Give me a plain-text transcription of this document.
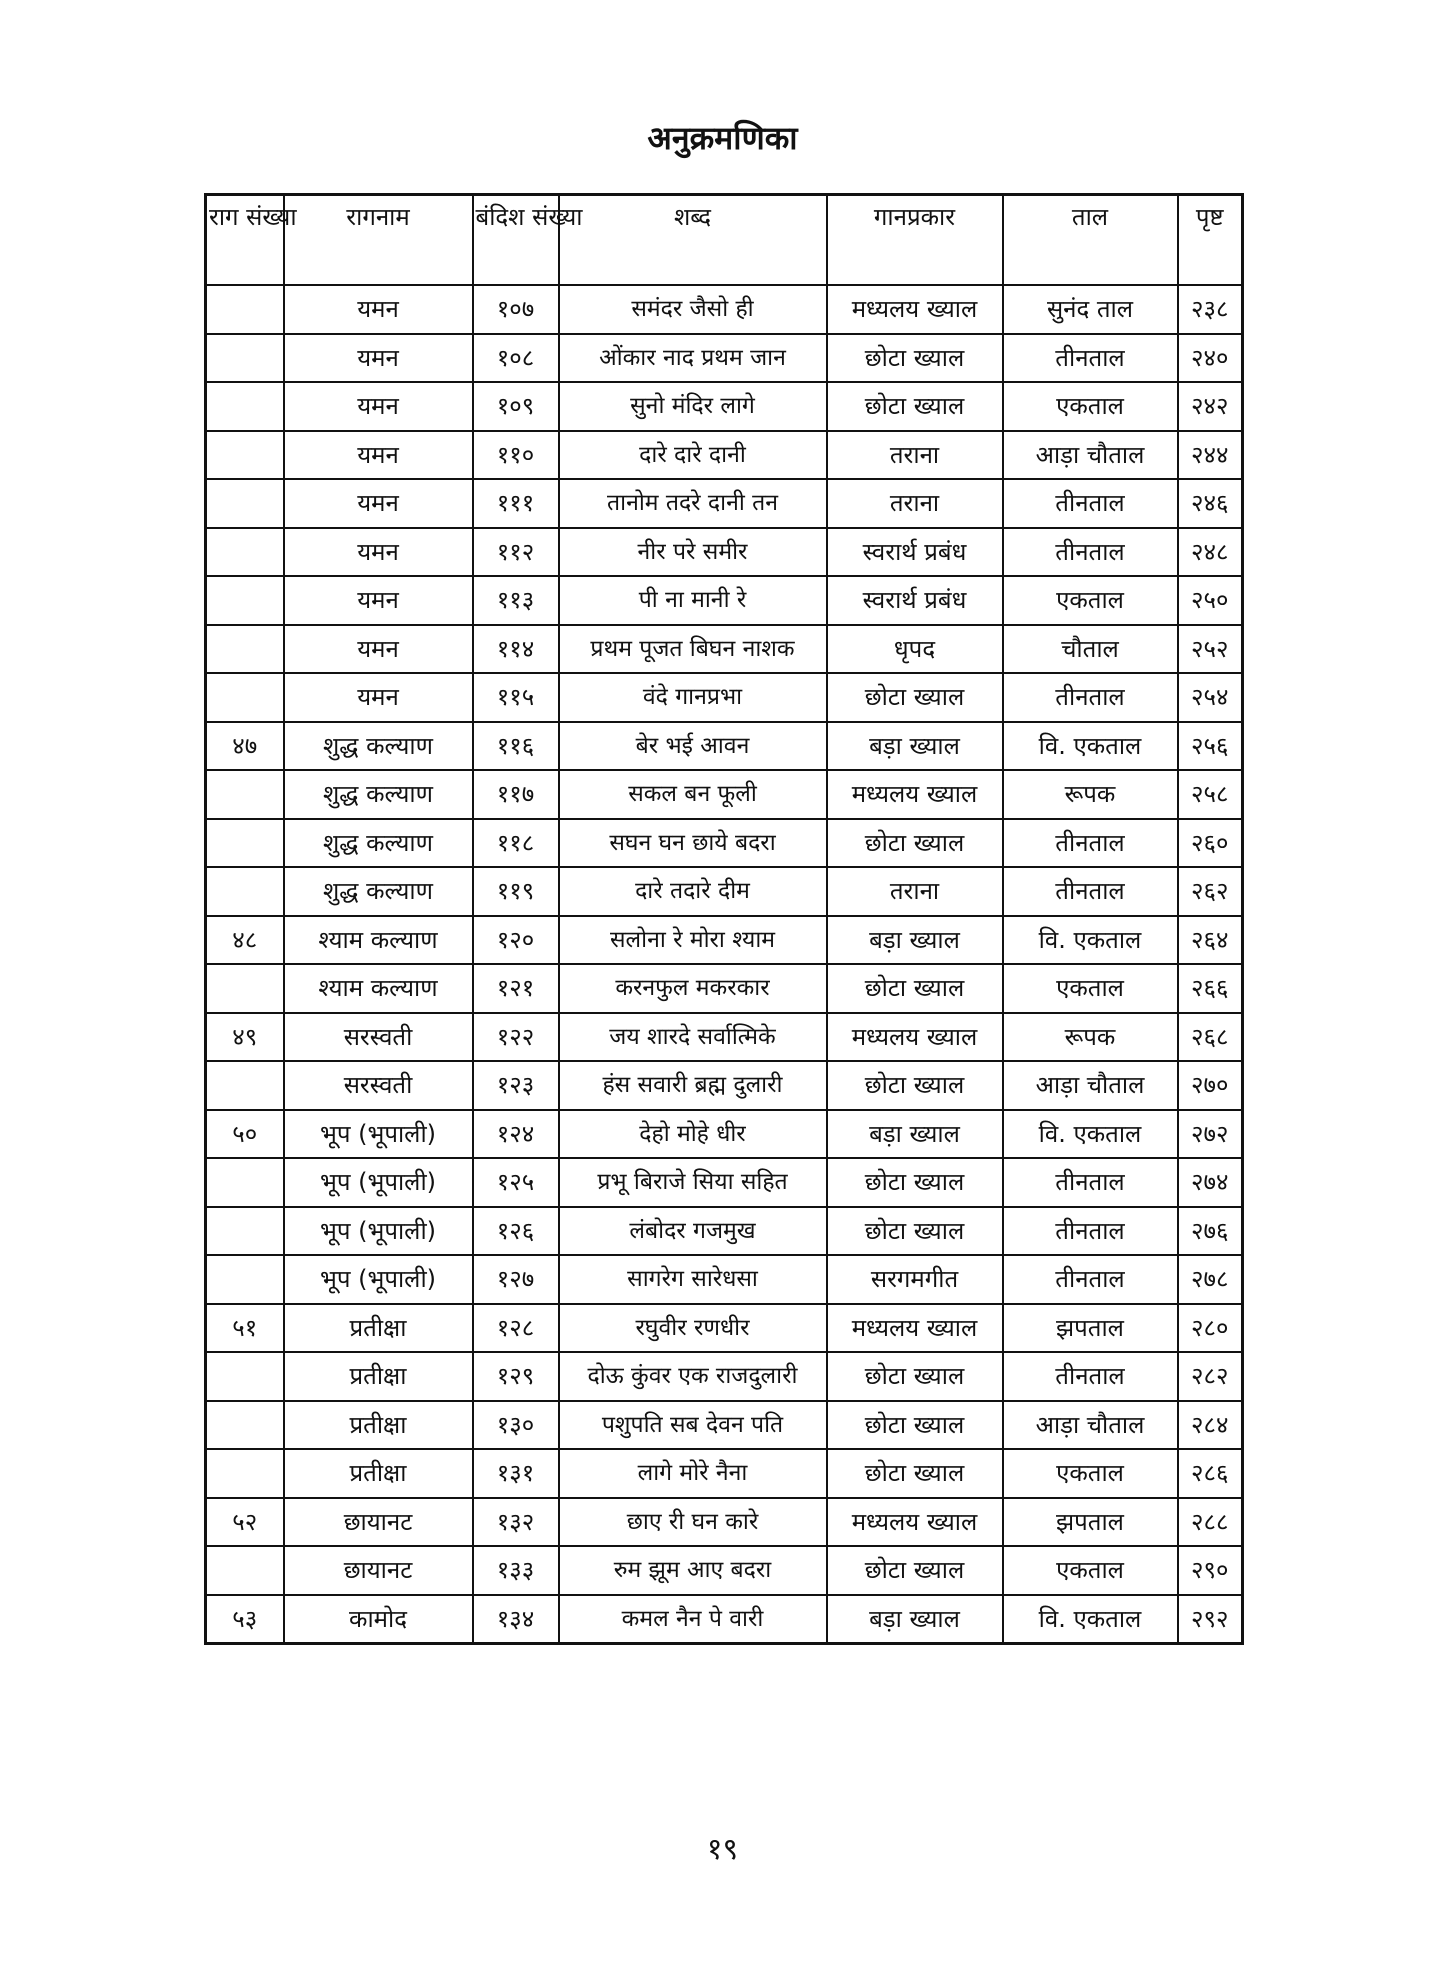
अनुक्रमणिका
राग संख्या	रागनाम	बंदिश संख्या	शब्द	गानप्रकार	ताल	पृष्ट
	यमन	१०७	समंदर जैसो ही	मध्यलय ख्याल	सुनंद ताल	२३८
	यमन	१०८	ओंकार नाद प्रथम जान	छोटा ख्याल	तीनताल	२४०
	यमन	१०९	सुनो मंदिर लागे	छोटा ख्याल	एकताल	२४२
	यमन	११०	दारे दारे दानी	तराना	आड़ा चौताल	२४४
	यमन	१११	तानोम तदरे दानी तन	तराना	तीनताल	२४६
	यमन	११२	नीर परे समीर	स्वरार्थ प्रबंध	तीनताल	२४८
	यमन	११३	पी ना मानी रे	स्वरार्थ प्रबंध	एकताल	२५०
	यमन	११४	प्रथम पूजत बिघन नाशक	धृपद	चौताल	२५२
	यमन	११५	वंदे गानप्रभा	छोटा ख्याल	तीनताल	२५४
४७	शुद्ध कल्याण	११६	बेर भई आवन	बड़ा ख्याल	वि. एकताल	२५६
	शुद्ध कल्याण	११७	सकल बन फूली	मध्यलय ख्याल	रूपक	२५८
	शुद्ध कल्याण	११८	सघन घन छाये बदरा	छोटा ख्याल	तीनताल	२६०
	शुद्ध कल्याण	११९	दारे तदारे दीम	तराना	तीनताल	२६२
४८	श्याम कल्याण	१२०	सलोना रे मोरा श्याम	बड़ा ख्याल	वि. एकताल	२६४
	श्याम कल्याण	१२१	करनफुल मकरकार	छोटा ख्याल	एकताल	२६६
४९	सरस्वती	१२२	जय शारदे सर्वात्मिके	मध्यलय ख्याल	रूपक	२६८
	सरस्वती	१२३	हंस सवारी ब्रह्म दुलारी	छोटा ख्याल	आड़ा चौताल	२७०
५०	भूप (भूपाली)	१२४	देहो मोहे धीर	बड़ा ख्याल	वि. एकताल	२७२
	भूप (भूपाली)	१२५	प्रभू बिराजे सिया सहित	छोटा ख्याल	तीनताल	२७४
	भूप (भूपाली)	१२६	लंबोदर गजमुख	छोटा ख्याल	तीनताल	२७६
	भूप (भूपाली)	१२७	सागरेग सारेधसा	सरगमगीत	तीनताल	२७८
५१	प्रतीक्षा	१२८	रघुवीर रणधीर	मध्यलय ख्याल	झपताल	२८०
	प्रतीक्षा	१२९	दोऊ कुंवर एक राजदुलारी	छोटा ख्याल	तीनताल	२८२
	प्रतीक्षा	१३०	पशुपति सब देवन पति	छोटा ख्याल	आड़ा चौताल	२८४
	प्रतीक्षा	१३१	लागे मोरे नैना	छोटा ख्याल	एकताल	२८६
५२	छायानट	१३२	छाए री घन कारे	मध्यलय ख्याल	झपताल	२८८
	छायानट	१३३	रुम झूम आए बदरा	छोटा ख्याल	एकताल	२९०
५३	कामोद	१३४	कमल नैन पे वारी	बड़ा ख्याल	वि. एकताल	२९२
१९
